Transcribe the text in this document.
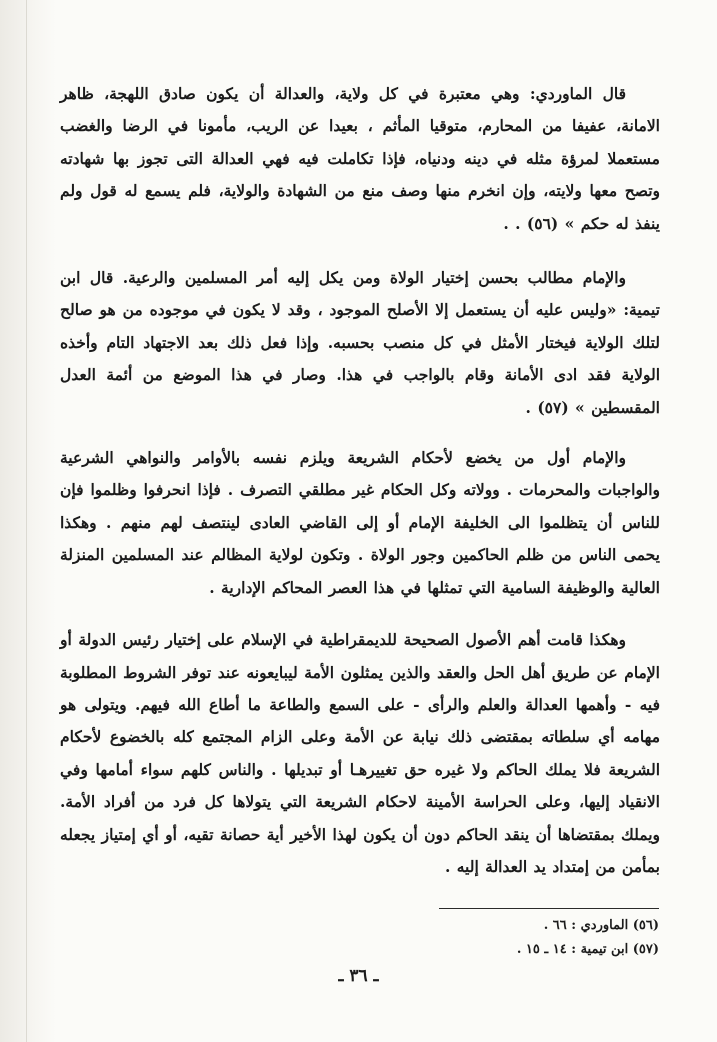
قال الماوردي: وهي معتبرة في كل ولاية، والعدالة أن يكون صادق اللهجة، ظاهر الامانة، عفيفا من المحارم، متوقيا المأثم ، بعيدا عن الريب، مأمونا في الرضا والغضب مستعملا لمرؤة مثله في دينه ودنياه، فإذا تكاملت فيه فهي العدالة التى تجوز بها شهادته وتصح معها ولايته، وإن انخرم منها وصف منع من الشهادة والولاية، فلم يسمع له قول ولم ينفذ له حكم » (٥٦) . .

والإمام مطالب بحسن إختيار الولاة ومن يكل إليه أمر المسلمين والرعية. قال ابن تيمية: «وليس عليه أن يستعمل إلا الأصلح الموجود ، وقد لا يكون في موجوده من هو صالح لتلك الولاية فيختار الأمثل في كل منصب بحسبه. وإذا فعل ذلك بعد الاجتهاد التام وأخذه الولاية فقد ادى الأمانة وقام بالواجب في هذا. وصار في هذا الموضع من أئمة العدل المقسطين » (٥٧) .

والإمام أول من يخضع لأحكام الشريعة ويلزم نفسه بالأوامر والنواهي الشرعية والواجبات والمحرمات . وولاته وكل الحكام غير مطلقي التصرف . فإذا انحرفوا وظلموا فإن للناس أن يتظلموا الى الخليفة الإمام أو إلى القاضي العادى لينتصف لهم منهم . وهكذا يحمى الناس من ظلم الحاكمين وجور الولاة . وتكون لولاية المظالم عند المسلمين المنزلة العالية والوظيفة السامية التي تمثلها في هذا العصر المحاكم الإدارية .

وهكذا قامت أهم الأصول الصحيحة للديمقراطية في الإسلام على إختيار رئيس الدولة أو الإمام عن طريق أهل الحل والعقد والذين يمثلون الأمة ليبايعونه عند توفر الشروط المطلوبة فيه - وأهمها العدالة والعلم والرأى - على السمع والطاعة ما أطاع الله فيهم. ويتولى هو مهامه أي سلطاته بمقتضى ذلك نيابة عن الأمة وعلى الزام المجتمع كله بالخضوع لأحكام الشريعة فلا يملك الحاكم ولا غيره حق تغييرهـا أو تبديلها . والناس كلهم سواء أمامها وفي الانقياد إليها، وعلى الحراسة الأمينة لاحكام الشريعة التي يتولاها كل فرد من أفراد الأمة. ويملك بمقتضاها أن ينقد الحاكم دون أن يكون لهذا الأخير أية حصانة تقيه، أو أي إمتياز يجعله بمأمن من إمتداد يد العدالة إليه .

(٥٦) الماوردي : ٦٦ .

(٥٧) ابن تيمية : ١٤ ـ ١٥ .

ـ ٣٦ ـ
